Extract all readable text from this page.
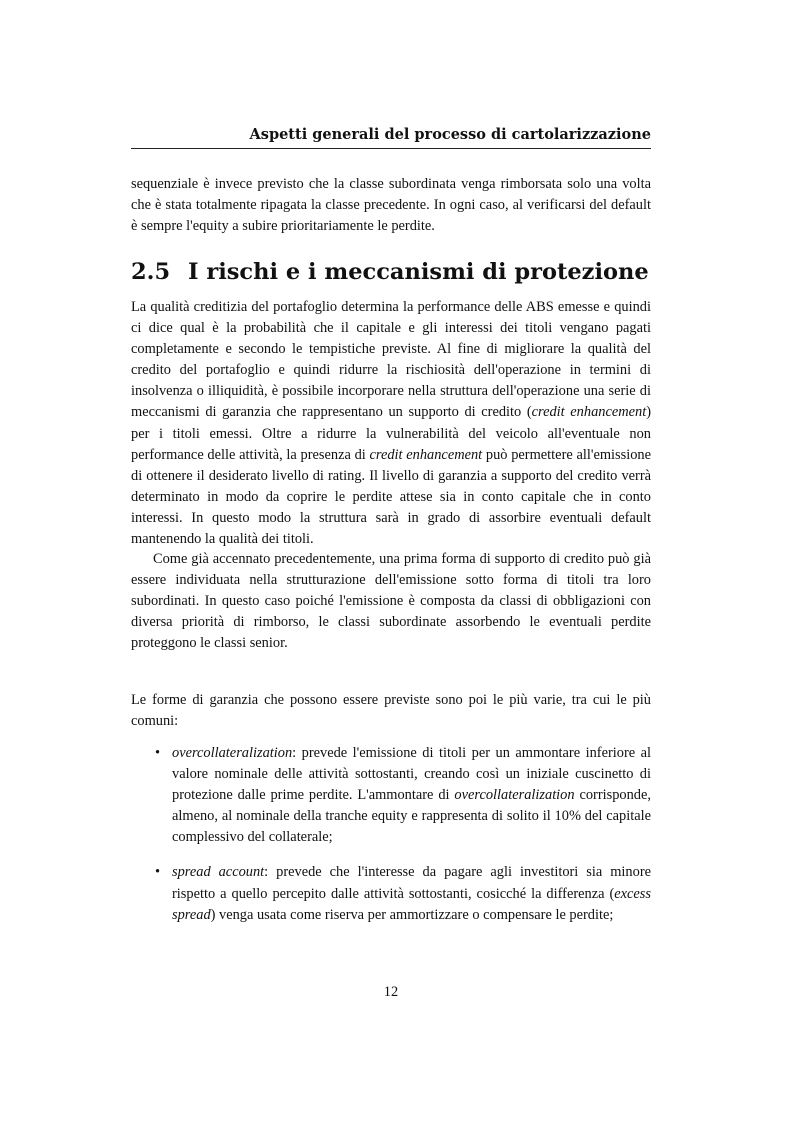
Aspetti generali del processo di cartolarizzazione

sequenziale è invece previsto che la classe subordinata venga rimborsata solo una volta che è stata totalmente ripagata la classe precedente. In ogni caso, al verificarsi del default è sempre l'equity a subire prioritariamente le perdite.

2.5 I rischi e i meccanismi di protezione

La qualità creditizia del portafoglio determina la performance delle ABS emesse e quindi ci dice qual è la probabilità che il capitale e gli interessi dei titoli vengano pagati completamente e secondo le tempistiche previste. Al fine di migliorare la qualità del credito del portafoglio e quindi ridurre la rischiosità dell'operazione in termini di insolvenza o illiquidità, è possibile incorporare nella struttura dell'operazione una serie di meccanismi di garanzia che rappresentano un supporto di credito (credit enhancement) per i titoli emessi. Oltre a ridurre la vulnerabilità del veicolo all'eventuale non performance delle attività, la presenza di credit enhancement può permettere all'emissione di ottenere il desiderato livello di rating. Il livello di garanzia a supporto del credito verrà determinato in modo da coprire le perdite attese sia in conto capitale che in conto interessi. In questo modo la struttura sarà in grado di assorbire eventuali default mantenendo la qualità dei titoli.

Come già accennato precedentemente, una prima forma di supporto di credito può già essere individuata nella strutturazione dell'emissione sotto forma di titoli tra loro subordinati. In questo caso poiché l'emissione è composta da classi di obbligazioni con diversa priorità di rimborso, le classi subordinate assorbendo le eventuali perdite proteggono le classi senior.

Le forme di garanzia che possono essere previste sono poi le più varie, tra cui le più comuni:

• overcollateralization: prevede l'emissione di titoli per un ammontare inferiore al valore nominale delle attività sottostanti, creando così un iniziale cuscinetto di protezione dalle prime perdite. L'ammontare di overcollateralization corrisponde, almeno, al nominale della tranche equity e rappresenta di solito il 10% del capitale complessivo del collaterale;
• spread account: prevede che l'interesse da pagare agli investitori sia minore rispetto a quello percepito dalle attività sottostanti, cosicché la differenza (excess spread) venga usata come riserva per ammortizzare o compensare le perdite;
12
